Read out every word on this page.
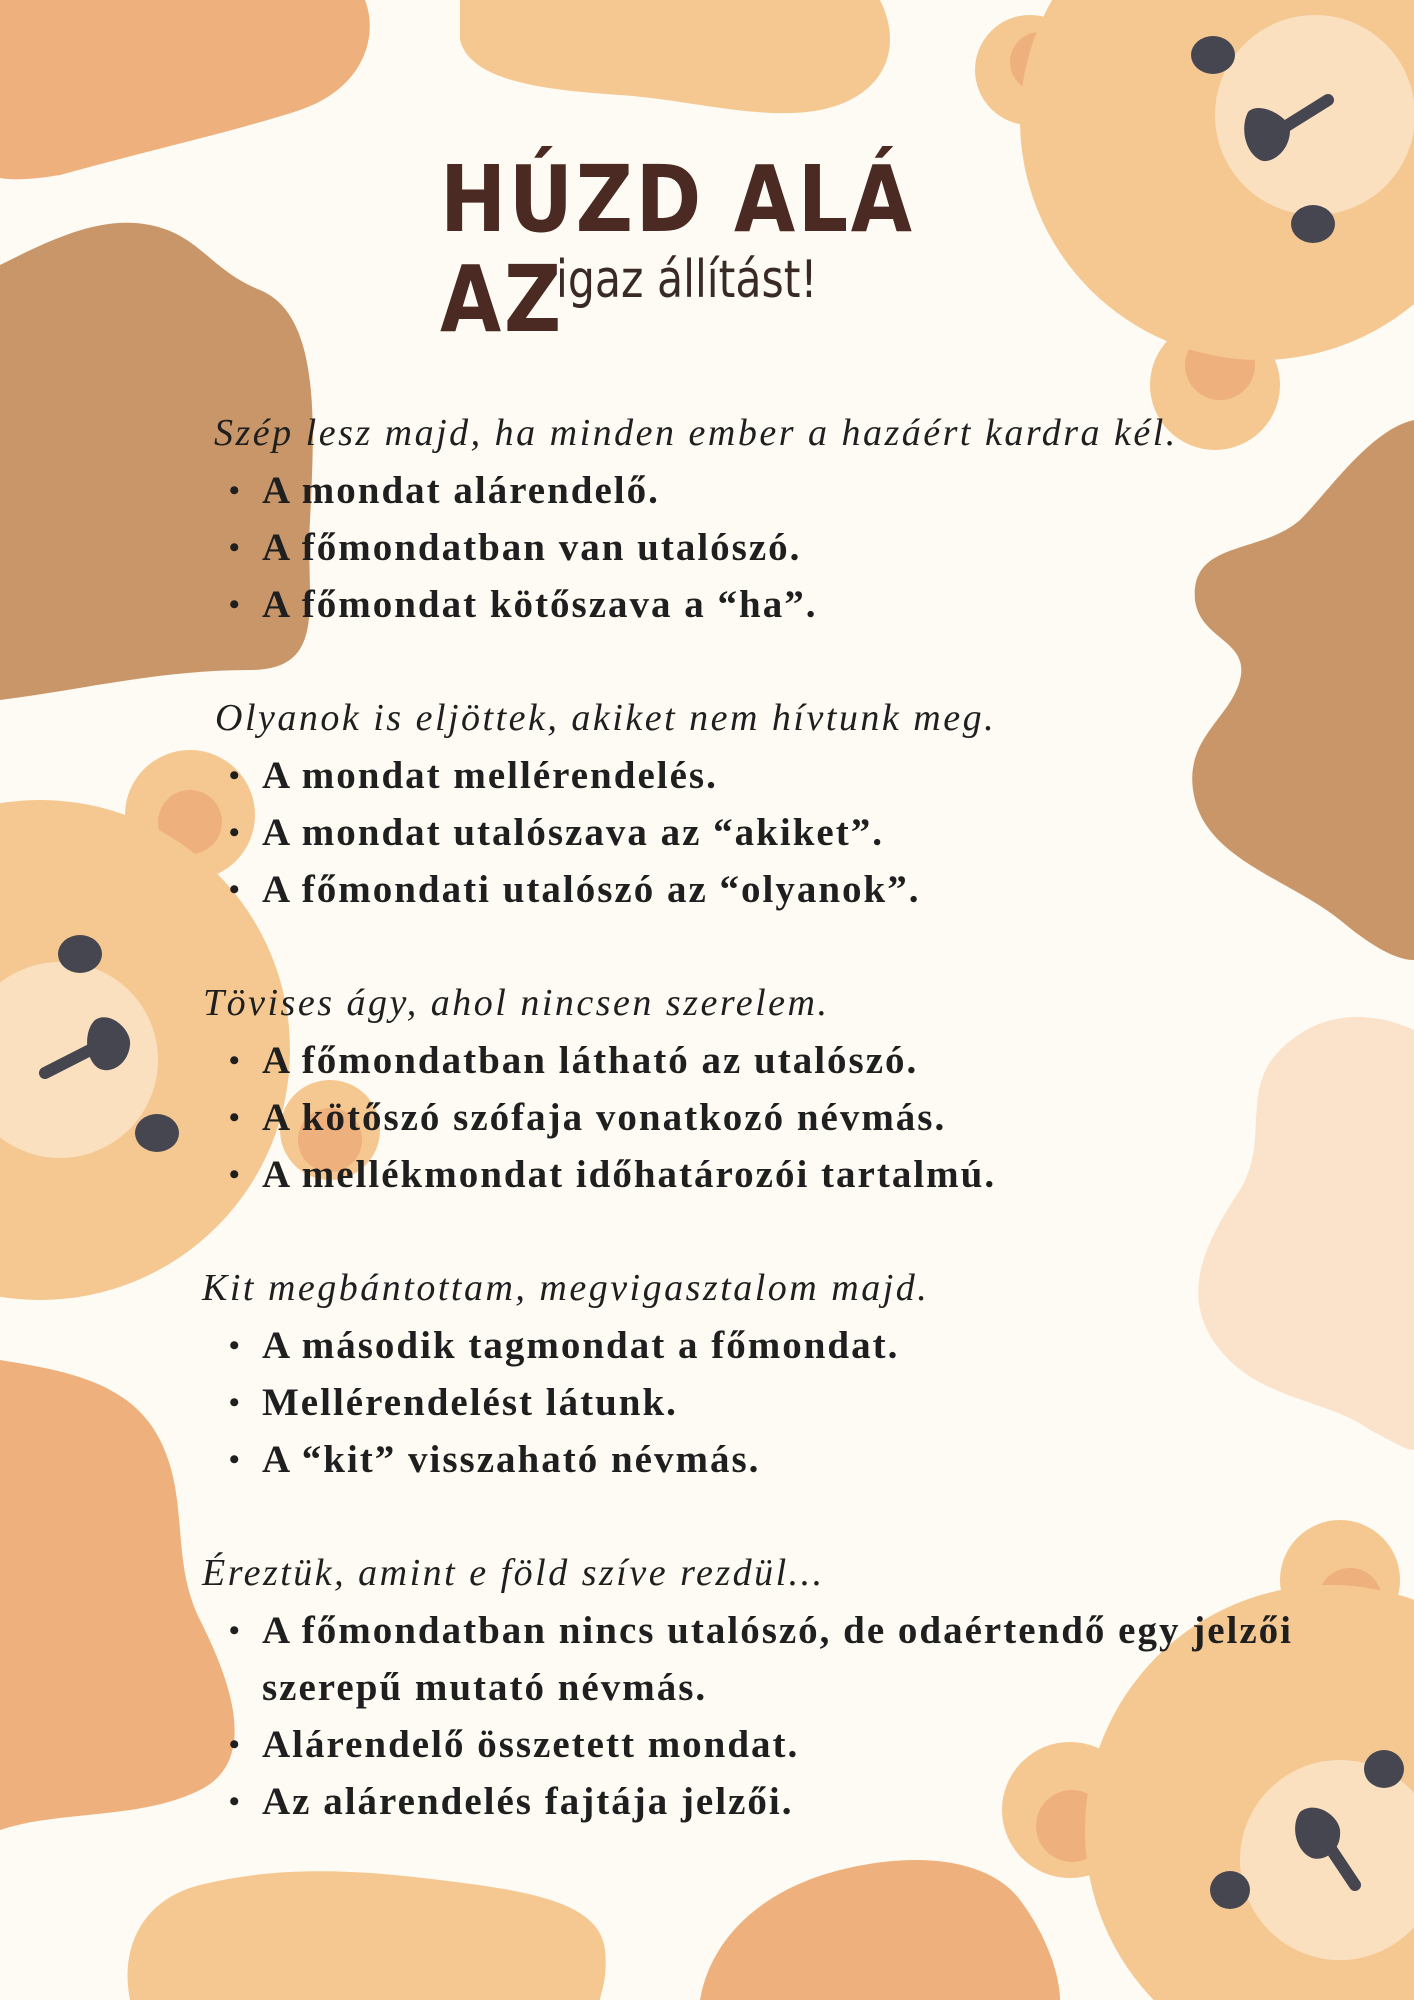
HÚZD ALÁ AZ
igaz állítást!
Szép lesz majd, ha minden ember a hazáért kardra kél.
• A mondat alárendelő.
• A főmondatban van utalószó.
• A főmondat kötőszava a “ha”.
Olyanok is eljöttek, akiket nem hívtunk meg.
• A mondat mellérendelés.
• A mondat utalószava az “akiket”.
• A főmondati utalószó az “olyanok”.
Tövises ágy, ahol nincsen szerelem.
• A főmondatban látható az utalószó.
• A kötőszó szófaja vonatkozó névmás.
• A mellékmondat időhatározói tartalmú.
Kit megbántottam, megvigasztalom majd.
• A második tagmondat a főmondat.
• Mellérendelést látunk.
• A “kit” visszaható névmás.
Éreztük, amint e föld szíve rezdül...
• A főmondatban nincs utalószó, de odaértendő egy jelzői szerepű mutató névmás.
• Alárendelő összetett mondat.
• Az alárendelés fajtája jelzői.
